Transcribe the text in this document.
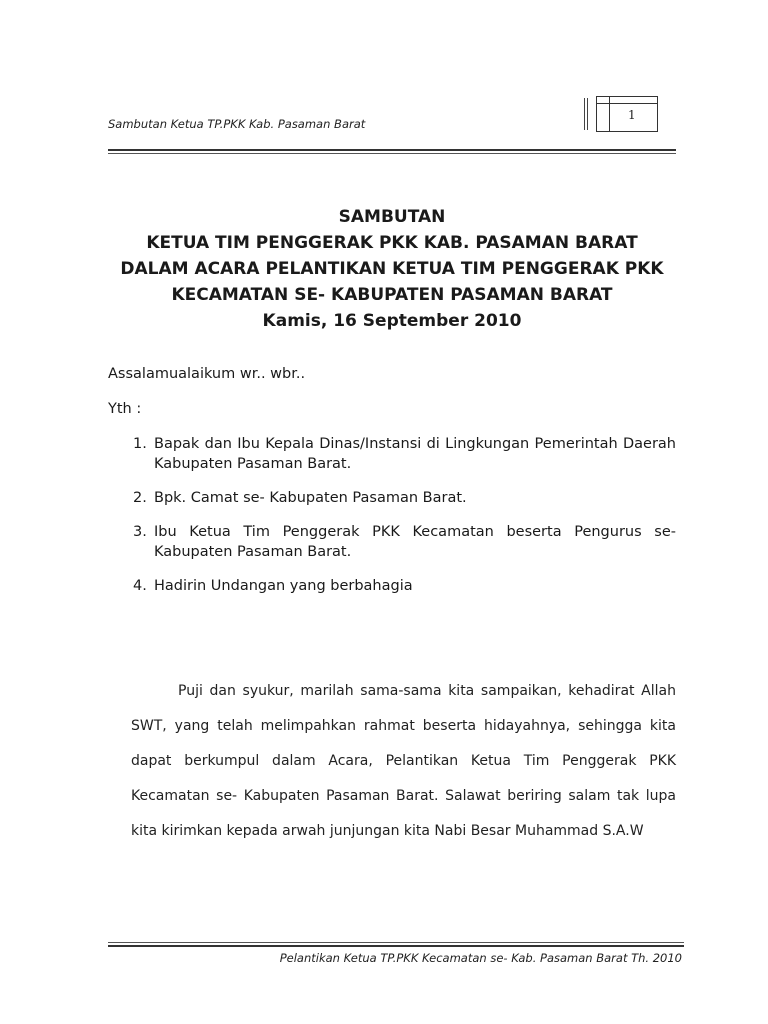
Sambutan Ketua TP.PKK Kab. Pasaman Barat
1
SAMBUTAN
KETUA TIM PENGGERAK PKK KAB. PASAMAN BARAT
DALAM ACARA PELANTIKAN KETUA TIM PENGGERAK PKK
KECAMATAN SE- KABUPATEN PASAMAN BARAT
Kamis, 16 September 2010
Assalamualaikum wr.. wbr..
Yth :
1. Bapak dan Ibu Kepala Dinas/Instansi di Lingkungan Pemerintah Daerah Kabupaten Pasaman Barat.
2. Bpk. Camat se- Kabupaten Pasaman Barat.
3. Ibu Ketua Tim Penggerak PKK Kecamatan beserta Pengurus se- Kabupaten Pasaman Barat.
4. Hadirin Undangan yang berbahagia
Puji dan syukur, marilah sama-sama kita sampaikan, kehadirat Allah SWT, yang telah melimpahkan rahmat beserta hidayahnya, sehingga kita dapat berkumpul dalam Acara, Pelantikan Ketua Tim Penggerak PKK Kecamatan se- Kabupaten Pasaman Barat. Salawat beriring salam tak lupa kita kirimkan kepada arwah junjungan kita Nabi Besar Muhammad S.A.W
Pelantikan Ketua TP.PKK Kecamatan se- Kab. Pasaman Barat Th. 2010
